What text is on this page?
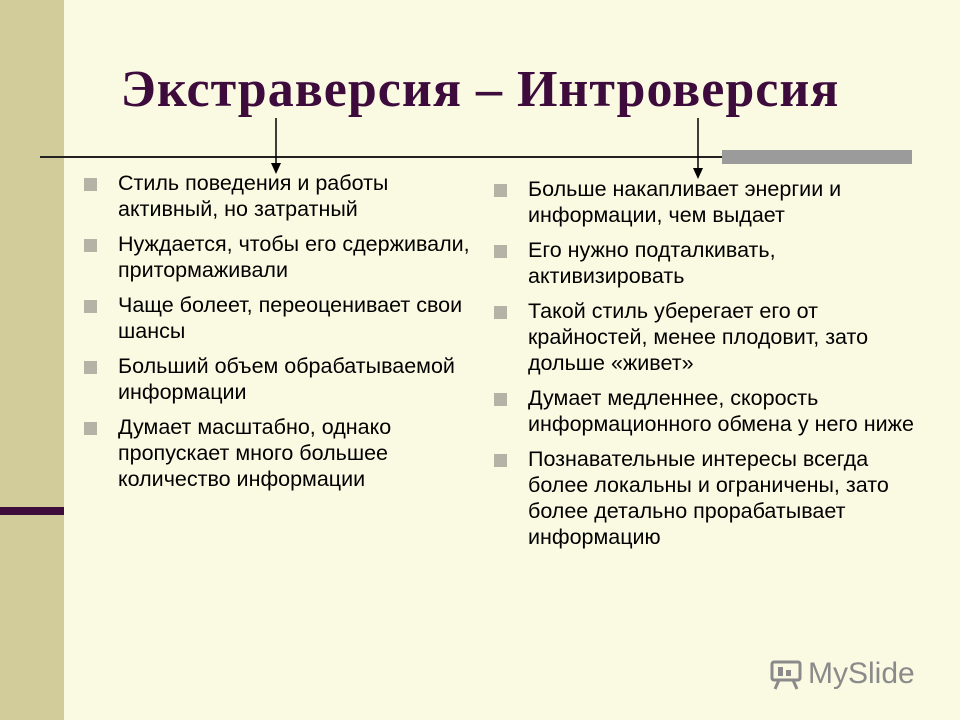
Экстраверсия – Интроверсия
Стиль поведения и работы активный, но затратный
Нуждается, чтобы его сдерживали, притормаживали
Чаще болеет, переоценивает свои шансы
Больший объем обрабатываемой информации
Думает масштабно, однако пропускает много большее количество информации
Больше накапливает энергии и информации, чем выдает
Его нужно подталкивать, активизировать
Такой стиль уберегает его от крайностей, менее плодовит, зато дольше «живет»
Думает медленнее, скорость информационного обмена у него ниже
Познавательные интересы всегда более локальны и ограничены, зато более детально прорабатывает информацию
MySlide
